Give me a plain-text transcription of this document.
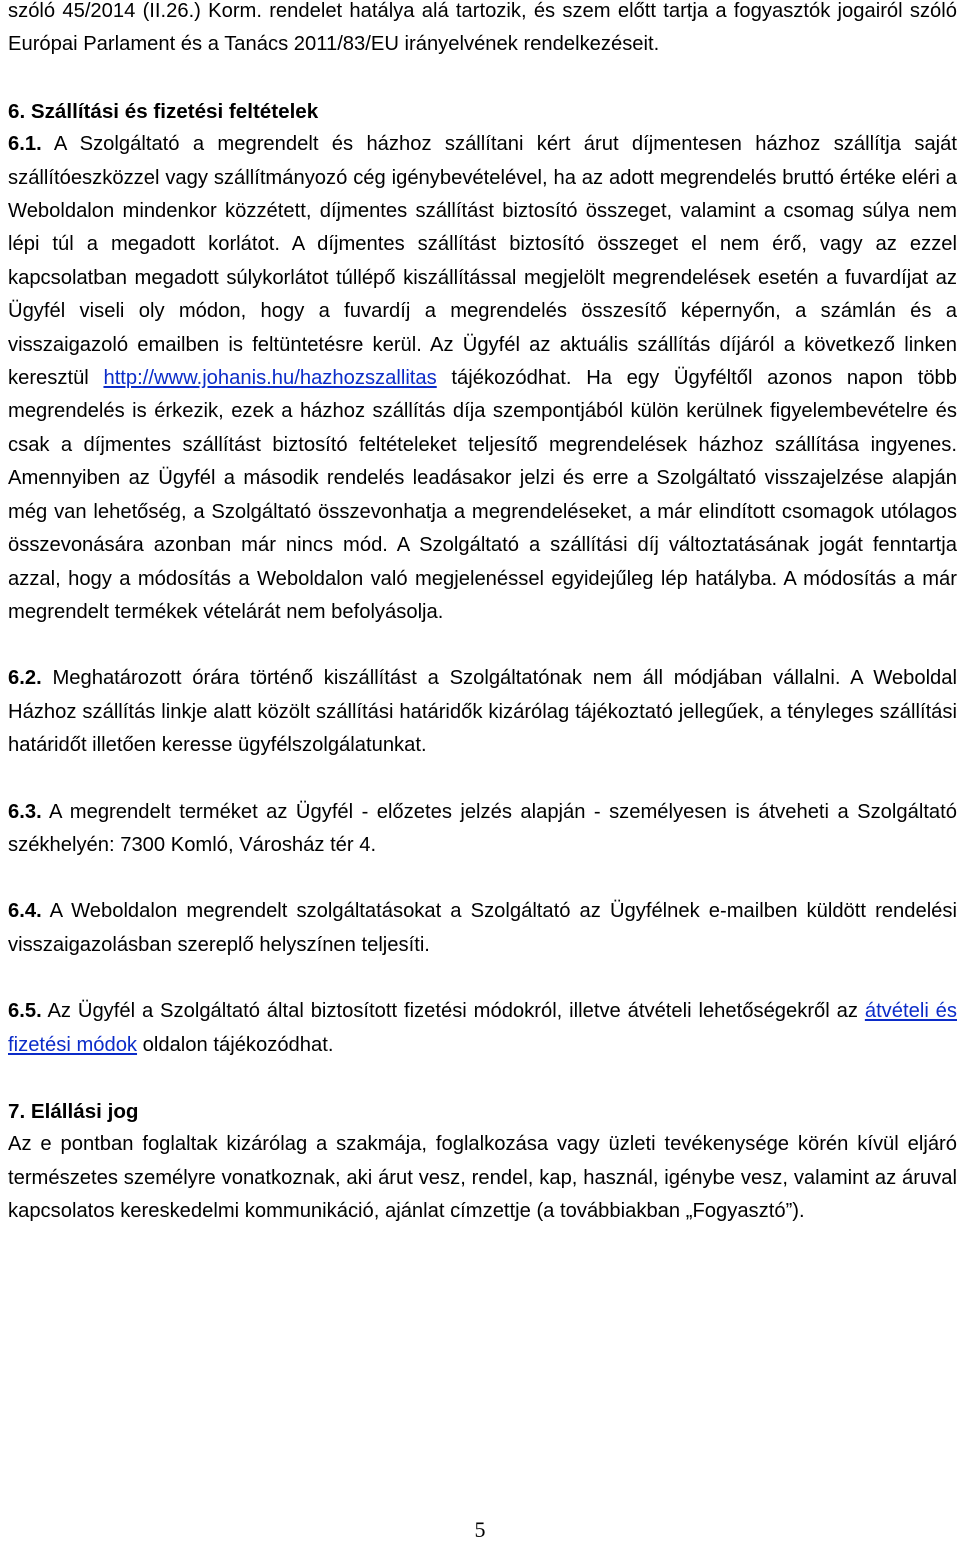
szóló 45/2014 (II.26.) Korm. rendelet hatálya alá tartozik, és szem előtt tartja a fogyasztók jogairól szóló Európai Parlament és a Tanács 2011/83/EU irányelvének rendelkezéseit.

6. Szállítási és fizetési feltételek

6.1. A Szolgáltató a megrendelt és házhoz szállítani kért árut díjmentesen házhoz szállítja saját szállítóeszközzel vagy szállítmányozó cég igénybevételével, ha az adott megrendelés bruttó értéke eléri a Weboldalon mindenkor közzétett, díjmentes szállítást biztosító összeget, valamint a csomag súlya nem lépi túl a megadott korlátot. A díjmentes szállítást biztosító összeget el nem érő, vagy az ezzel kapcsolatban megadott súlykorlátot túllépő kiszállítással megjelölt megrendelések esetén a fuvardíjat az Ügyfél viseli oly módon, hogy a fuvardíj a megrendelés összesítő képernyőn, a számlán és a visszaigazoló emailben is feltüntetésre kerül. Az Ügyfél az aktuális szállítás díjáról a következő linken keresztül http://www.johanis.hu/hazhozszallitas tájékozódhat. Ha egy Ügyféltől azonos napon több megrendelés is érkezik, ezek a házhoz szállítás díja szempontjából külön kerülnek figyelembevételre és csak a díjmentes szállítást biztosító feltételeket teljesítő megrendelések házhoz szállítása ingyenes. Amennyiben az Ügyfél a második rendelés leadásakor jelzi és erre a Szolgáltató visszajelzése alapján még van lehetőség, a Szolgáltató összevonhatja a megrendeléseket, a már elindított csomagok utólagos összevonására azonban már nincs mód. A Szolgáltató a szállítási díj változtatásának jogát fenntartja azzal, hogy a módosítás a Weboldalon való megjelenéssel egyidejűleg lép hatályba. A módosítás a már megrendelt termékek vételárát nem befolyásolja.

6.2. Meghatározott órára történő kiszállítást a Szolgáltatónak nem áll módjában vállalni. A Weboldal Házhoz szállítás linkje alatt közölt szállítási határidők kizárólag tájékoztató jellegűek, a tényleges szállítási határidőt illetően keresse ügyfélszolgálatunkat.

6.3. A megrendelt terméket az Ügyfél - előzetes jelzés alapján - személyesen is átveheti a Szolgáltató székhelyén: 7300 Komló, Városház tér 4.

6.4. A Weboldalon megrendelt szolgáltatásokat a Szolgáltató az Ügyfélnek e-mailben küldött rendelési visszaigazolásban szereplő helyszínen teljesíti.

6.5. Az Ügyfél a Szolgáltató által biztosított fizetési módokról, illetve átvételi lehetőségekről az átvételi és fizetési módok oldalon tájékozódhat.

7. Elállási jog

Az e pontban foglaltak kizárólag a szakmája, foglalkozása vagy üzleti tevékenysége körén kívül eljáró természetes személyre vonatkoznak, aki árut vesz, rendel, kap, használ, igénybe vesz, valamint az áruval kapcsolatos kereskedelmi kommunikáció, ajánlat címzettje (a továbbiakban „Fogyasztó”).

5
